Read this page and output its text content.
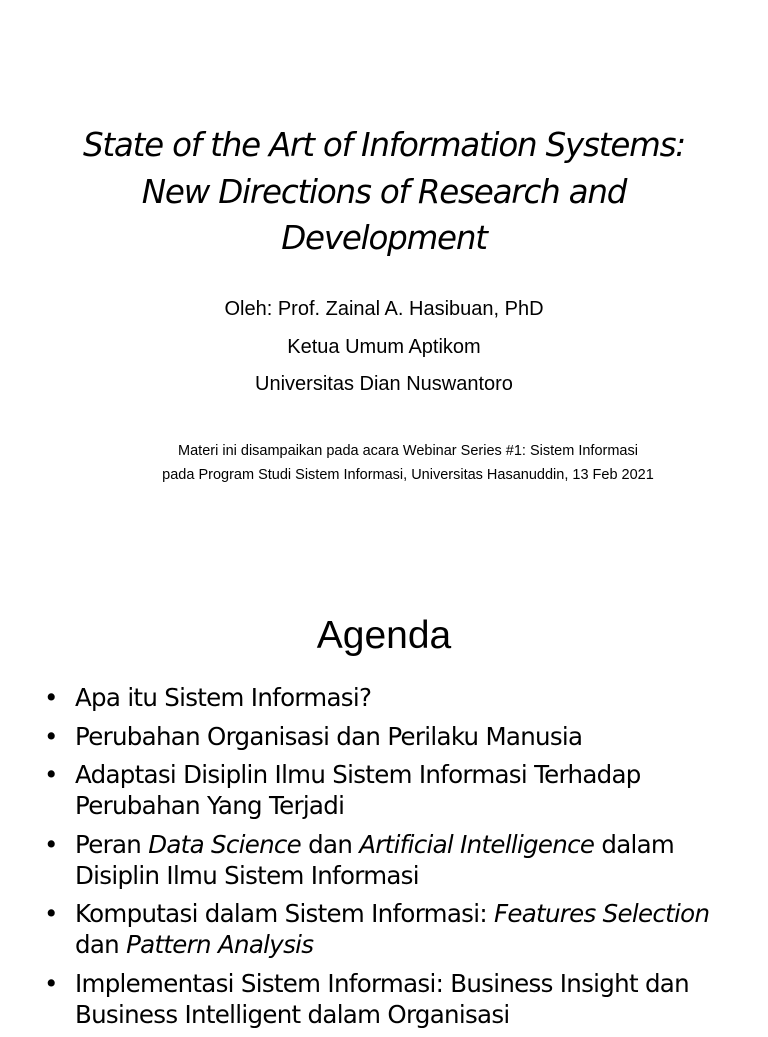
State of the Art of Information Systems:
New Directions of Research and
Development
Oleh: Prof. Zainal A. Hasibuan, PhD
Ketua Umum Aptikom
Universitas Dian Nuswantoro
Materi ini disampaikan pada acara Webinar Series #1: Sistem Informasi
pada Program Studi Sistem Informasi, Universitas Hasanuddin, 13 Feb 2021
Agenda
• Apa itu Sistem Informasi?
• Perubahan Organisasi dan Perilaku Manusia
• Adaptasi Disiplin Ilmu Sistem Informasi Terhadap Perubahan Yang Terjadi
• Peran Data Science dan Artificial Intelligence dalam Disiplin Ilmu Sistem Informasi
• Komputasi dalam Sistem Informasi: Features Selection dan Pattern Analysis
• Implementasi Sistem Informasi: Business Insight dan Business Intelligent dalam Organisasi
